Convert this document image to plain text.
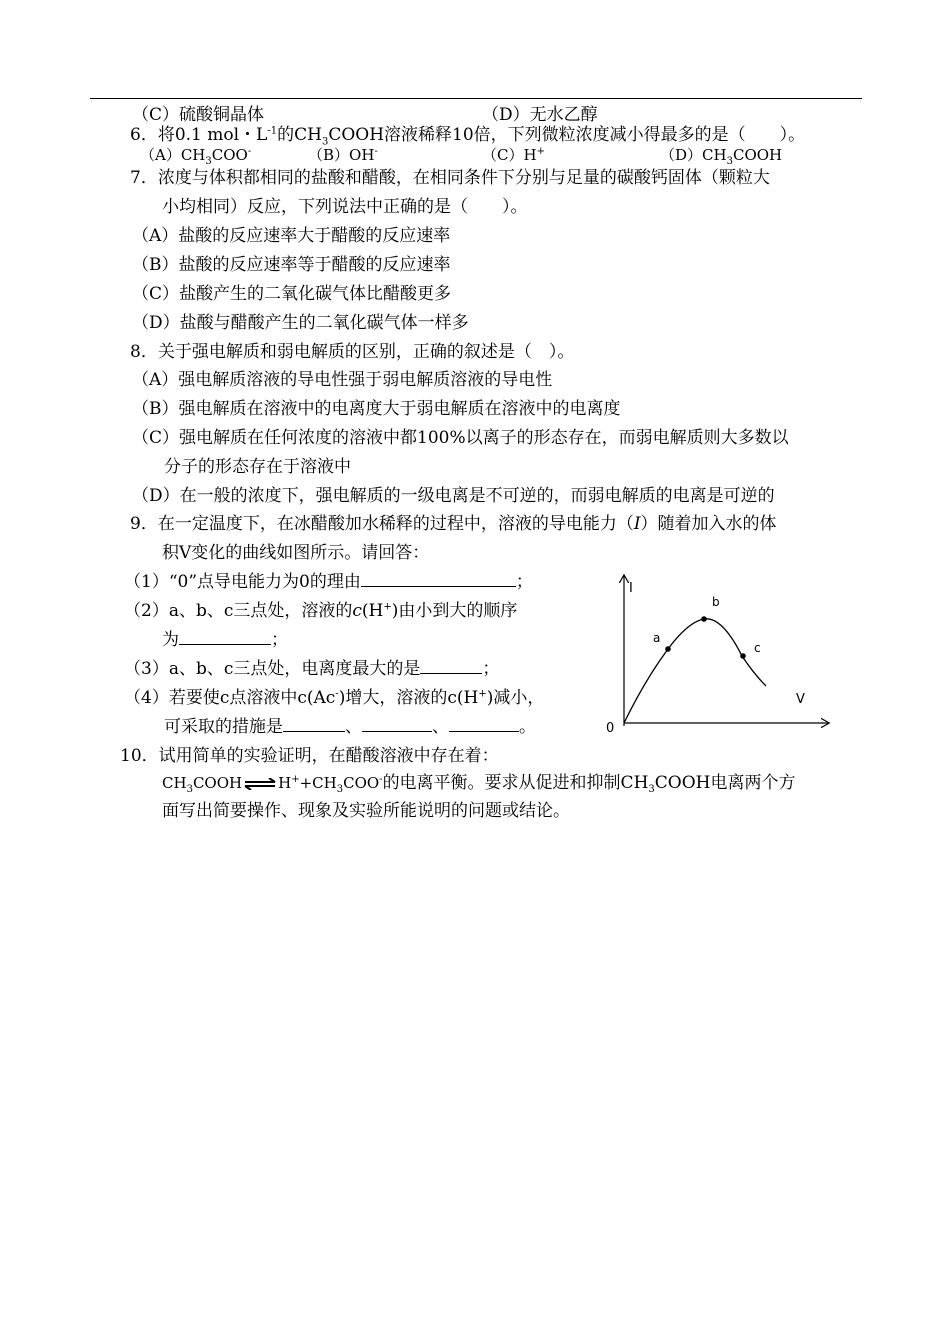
（C）硫酸铜晶体	（D）无水乙醇
6．将0.1 mol・$L^{-1}$的$CH_3COOH$溶液稀释10倍，下列微粒浓度减小得最多的是（　　）。
$(A)CH_3COO^-$	（B）OH-	（C）H+	$(D)CH_3COOH$
7．浓度与体积都相同的盐酸和醋酸，在相同条件下分别与足量的碳酸钙固体（颗粒大
小均相同）反应，下列说法中正确的是（　　）。
（A）盐酸的反应速率大于醋酸的反应速率
（B）盐酸的反应速率等于醋酸的反应速率
（C）盐酸产生的二氧化碳气体比醋酸更多
（D）盐酸与醋酸产生的二氧化碳气体一样多
8．关于强电解质和弱电解质的区别，正确的叙述是（　）。
（A）强电解质溶液的导电性强于弱电解质溶液的导电性
（B）强电解质在溶液中的电离度大于弱电解质在溶液中的电离度
（C）强电解质在任何浓度的溶液中都100%以离子的形态存在，而弱电解质则大多数以
分子的形态存在于溶液中
（D）在一般的浓度下，强电解质的一级电离是不可逆的，而弱电解质的电离是可逆的
9．在一定温度下，在冰醋酸加水稀释的过程中，溶液的导电能力（I）随着加入水的体
积V变化的曲线如图所示。请回答：
（1）“0”点导电能力为0的理由	；
（2）a、b、c三点处，溶液的c(H+)由小到大的顺序
为	；
（3）a、b、c三点处，电离度最大的是	；
（4）若要使c点溶液中c(Ac-)增大，溶液的c(H+)减小，
可采取的措施是	、	、	。
I
V
0
a
b
c
10．试用简单的实验证明，在醋酸溶液中存在着：
$CH_3COOH\rightleftharpoons H^++CH_3COO^-$的电离平衡。要求从促进和抑制$CH_3COOH$电离两个方
面写出简要操作、现象及实验所能说明的问题或结论。
